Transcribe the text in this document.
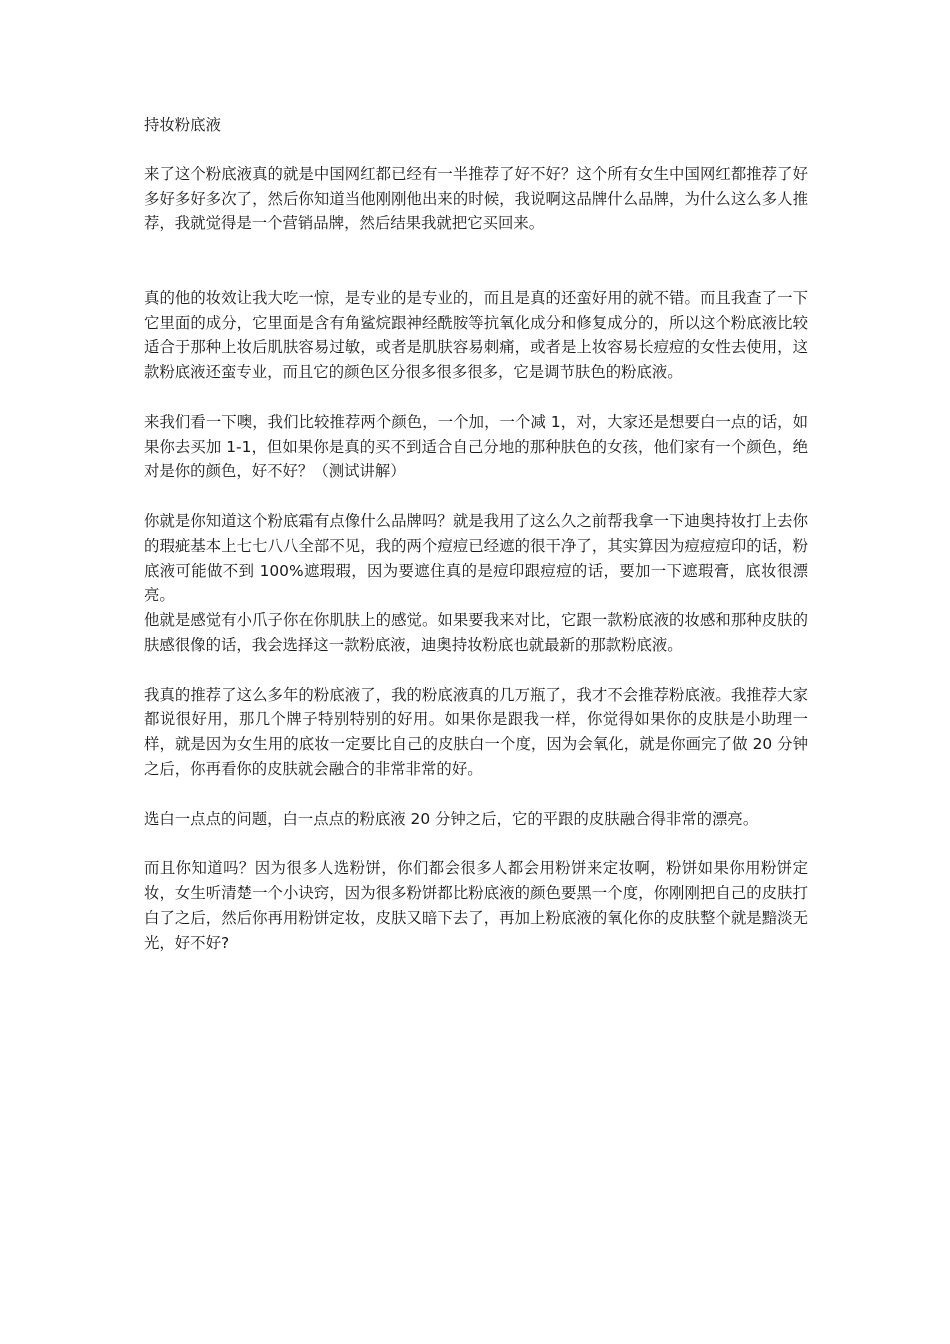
持妆粉底液

来了这个粉底液真的就是中国网红都已经有一半推荐了好不好？这个所有女生中国网红都推荐了好多好多好多次了，然后你知道当他刚刚他出来的时候，我说啊这品牌什么品牌，为什么这么多人推荐，我就觉得是一个营销品牌，然后结果我就把它买回来。

真的他的妆效让我大吃一惊，是专业的是专业的，而且是真的还蛮好用的就不错。而且我查了一下它里面的成分，它里面是含有角鲨烷跟神经酰胺等抗氧化成分和修复成分的，所以这个粉底液比较适合于那种上妆后肌肤容易过敏，或者是肌肤容易刺痛，或者是上妆容易长痘痘的女性去使用，这款粉底液还蛮专业，而且它的颜色区分很多很多很多，它是调节肤色的粉底液。

来我们看一下噢，我们比较推荐两个颜色，一个加，一个减 1，对，大家还是想要白一点的话，如果你去买加 1-1，但如果你是真的买不到适合自己分地的那种肤色的女孩，他们家有一个颜色，绝对是你的颜色，好不好？（测试讲解）

你就是你知道这个粉底霜有点像什么品牌吗？就是我用了这么久之前帮我拿一下迪奥持妆打上去你的瑕疵基本上七七八八全部不见，我的两个痘痘已经遮的很干净了，其实算因为痘痘痘印的话，粉底液可能做不到 100%遮瑕瑕，因为要遮住真的是痘印跟痘痘的话，要加一下遮瑕膏，底妆很漂亮。

他就是感觉有小爪子你在你肌肤上的感觉。如果要我来对比，它跟一款粉底液的妆感和那种皮肤的肤感很像的话，我会选择这一款粉底液，迪奥持妆粉底也就最新的那款粉底液。

我真的推荐了这么多年的粉底液了，我的粉底液真的几万瓶了，我才不会推荐粉底液。我推荐大家都说很好用，那几个牌子特别特别的好用。如果你是跟我一样，你觉得如果你的皮肤是小助理一样，就是因为女生用的底妆一定要比自己的皮肤白一个度，因为会氧化，就是你画完了做 20 分钟之后，你再看你的皮肤就会融合的非常非常的好。

选白一点点的问题，白一点点的粉底液 20 分钟之后，它的平跟的皮肤融合得非常的漂亮。

而且你知道吗？因为很多人选粉饼，你们都会很多人都会用粉饼来定妆啊，粉饼如果你用粉饼定妆，女生听清楚一个小诀窍，因为很多粉饼都比粉底液的颜色要黑一个度，你刚刚把自己的皮肤打白了之后，然后你再用粉饼定妆，皮肤又暗下去了，再加上粉底液的氧化你的皮肤整个就是黯淡无光，好不好?
